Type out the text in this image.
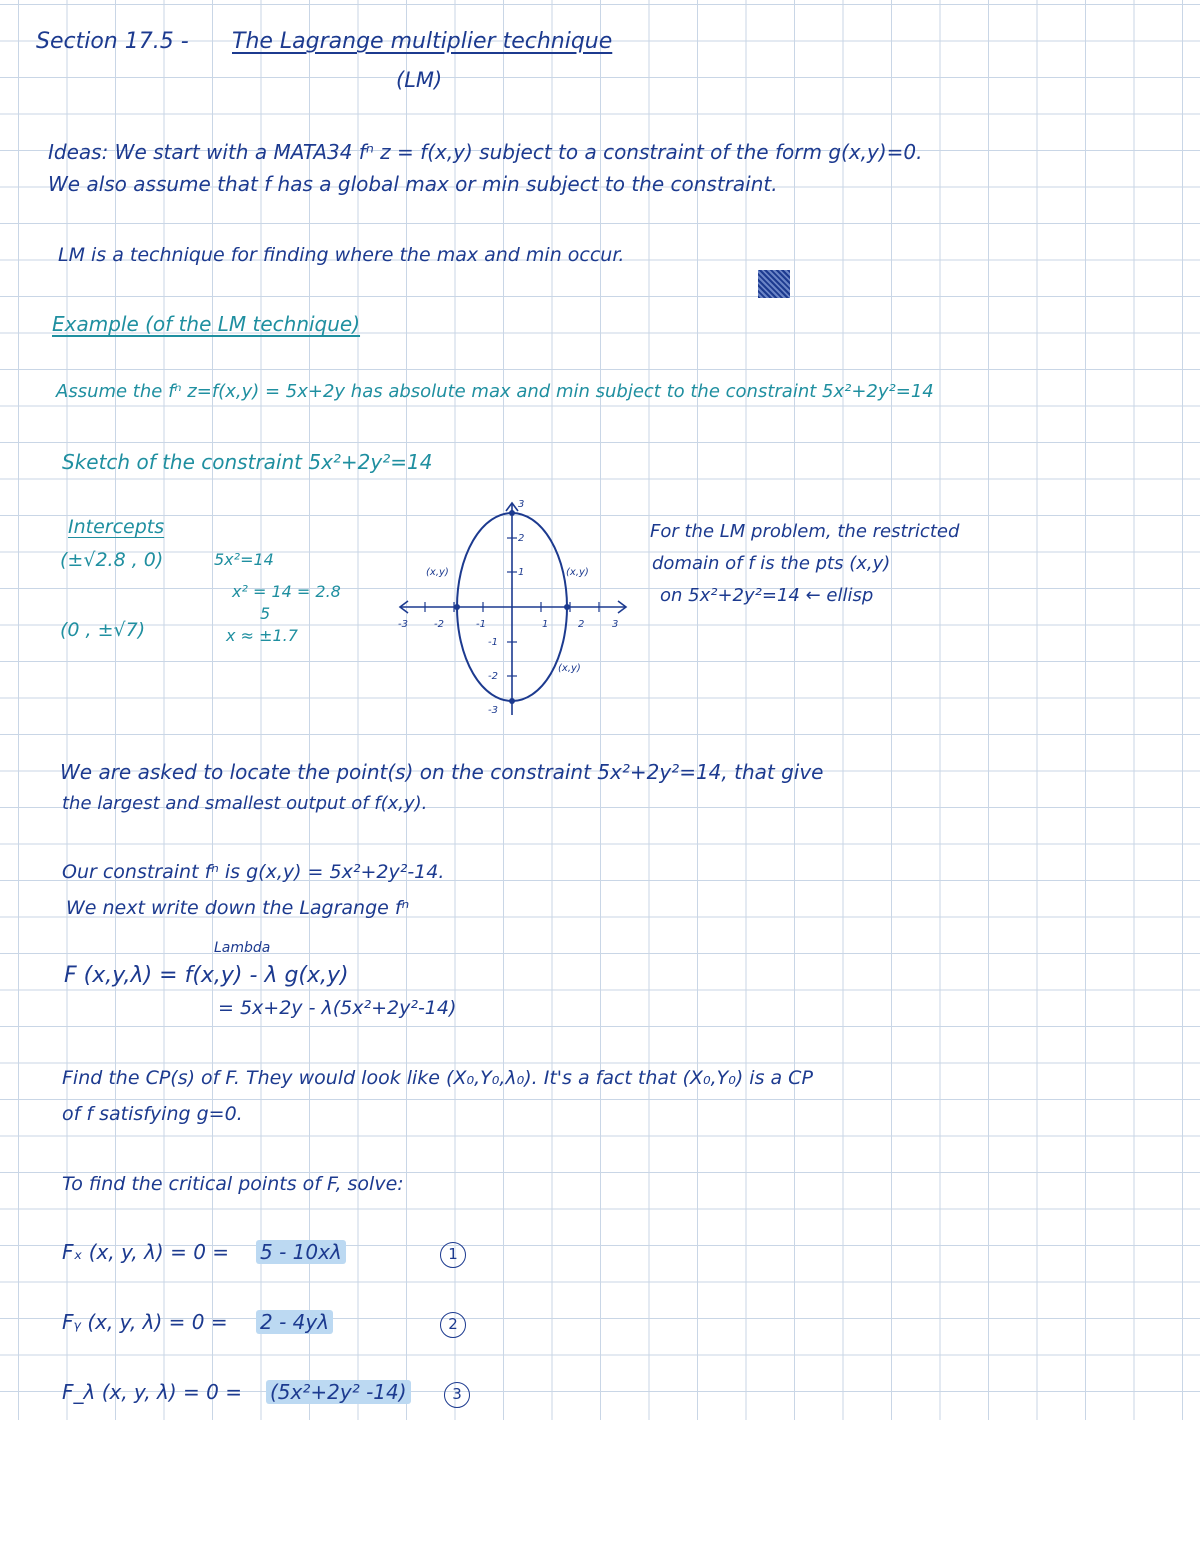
Section 17.5 - The Lagrange multiplier technique
(LM)
Ideas: We start with a MATA34 fⁿ z = f(x,y) subject to a constraint of the form g(x,y)=0.
We also assume that f has a global max or min subject to the constraint.
LM is a technique for finding where the max and min occur.
Example (of the LM technique)
Assume the fⁿ z=f(x,y) = 5x+2y has absolute max and min subject to the constraint 5x²+2y²=14
Sketch of the constraint 5x²+2y²=14
Intercepts
(±√2.8 , 0)
(0 , ±√7)
5x²=14
x² = 14 = 2.8
5
x ≈ ±1.7
-3	-2	-1	1	2	3
3
2
1
-1
-2
-3
(x,y)	(x,y)
(x,y)
For the LM problem, the restricted
domain of f is the pts (x,y)
on 5x²+2y²=14 ← ellisp
We are asked to locate the point(s) on the constraint 5x²+2y²=14, that give
the largest and smallest output of f(x,y).
Our constraint fⁿ is g(x,y) = 5x²+2y²-14.
We next write down the Lagrange fⁿ
Lambda
F (x,y,λ) = f(x,y) - λ g(x,y)
= 5x+2y - λ(5x²+2y²-14)
Find the CP(s) of F. They would look like (X₀,Y₀,λ₀). It's a fact that (X₀,Y₀) is a CP
of f satisfying g=0.
To find the critical points of F, solve:
Fₓ (x, y, λ) = 0 = 5 - 10xλ	1
Fᵧ (x, y, λ) = 0 = 2 - 4yλ	2
F_λ (x, y, λ) = 0 = (5x²+2y² -14)	3
